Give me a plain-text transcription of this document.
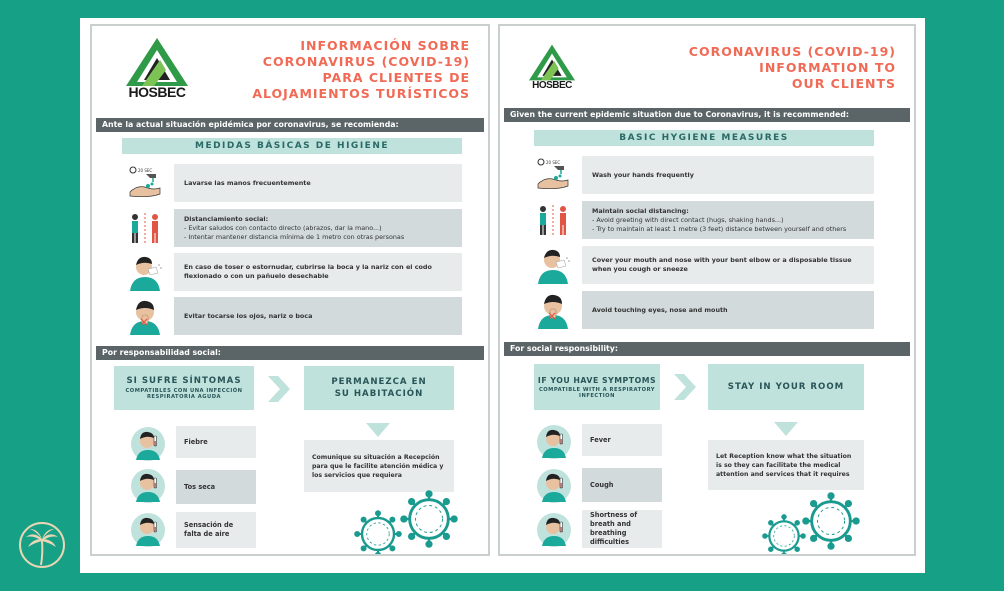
HOSBEC
INFORMACIÓN SOBRE
CORONAVIRUS (COVID-19)
PARA CLIENTES DE
ALOJAMIENTOS TURÍSTICOS
Ante la actual situación epidémica por coronavirus, se recomienda:
MEDIDAS BÁSICAS DE HIGIENE
Lavarse las manos frecuentemente
Distanciamiento social:
- Evitar saludos con contacto directo (abrazos, dar la mano...)
- Intentar mantener distancia mínima de 1 metro con otras personas
En caso de toser o estornudar, cubrirse la boca y la nariz con el codo flexionado o con un pañuelo desechable
Evitar tocarse los ojos, nariz o boca
Por responsabilidad social:
SI SUFRE SÍNTOMAS
COMPATIBLES CON UNA INFECCIÓN RESPIRATORIA AGUDA
PERMANEZCA EN
SU HABITACIÓN
Fiebre
Tos seca
Sensación de falta de aire
Comunique su situación a Recepción para que le facilite atención médica y los servicios que requiera
HOSBEC
CORONAVIRUS (COVID-19)
INFORMATION TO
OUR CLIENTS
Given the current epidemic situation due to Coronavirus, it is recommended:
BASIC HYGIENE MEASURES
Wash your hands frequently
Maintain social distancing:
- Avoid greeting with direct contact (hugs, shaking hands...)
- Try to maintain at least 1 metre (3 feet) distance between yourself and others
Cover your mouth and nose with your bent elbow or a disposable tissue when you cough or sneeze
Avoid touching eyes, nose and mouth
For social responsibility:
IF YOU HAVE SYMPTOMS
COMPATIBLE WITH A RESPIRATORY INFECTION
STAY IN YOUR ROOM
Fever
Cough
Shortness of breath and breathing difficulties
Let Reception know what the situation is so they can facilitate the medical attention and services that it requires
